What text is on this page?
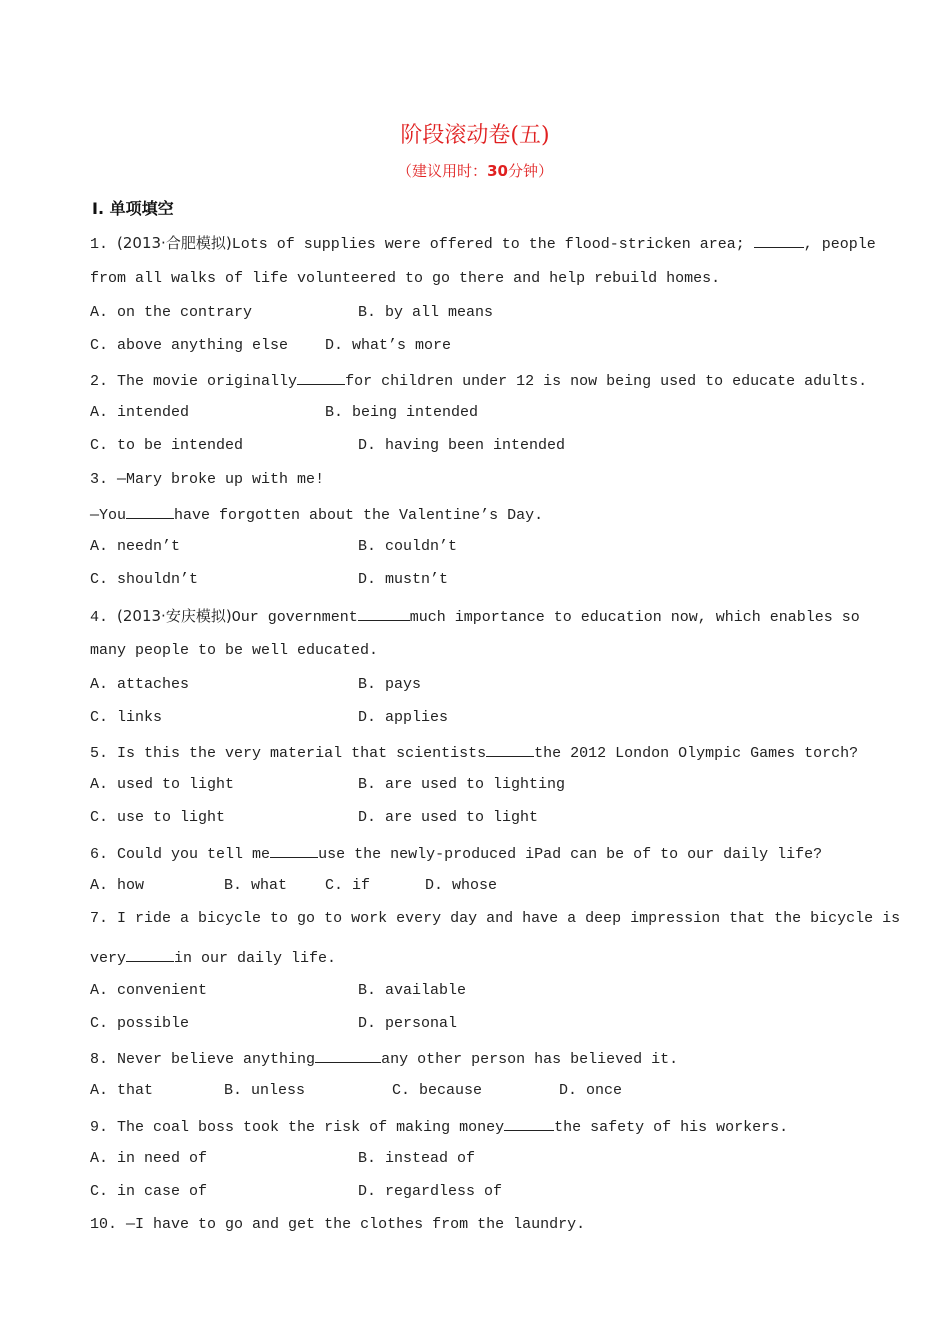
阶段滚动卷(五)
（建议用时：30分钟）
Ⅰ. 单项填空
1. (2013·合肥模拟)Lots of supplies were offered to the flood-stricken area;	, people
from all walks of life volunteered to go there and help rebuild homes.
A. on the contrary	B. by all means
C. above anything else D. what’s more
2. The movie originally	for children under 12 is now being used to educate adults.
A. intended	B. being intended
C. to be intended	D. having been intended
3. —Mary broke up with me!
—You	have forgotten about the Valentine’s Day.
A. needn’t	B. couldn’t
C. shouldn’t	D. mustn’t
4. (2013·安庆模拟)Our government	much importance to education now, which enables so
many people to be well educated.
A. attaches	B. pays
C. links	D. applies
5. Is this the very material that scientists	the 2012 London Olympic Games torch?
A. used to light	B. are used to lighting
C. use to light	D. are used to light
6. Could you tell me	use the newly-produced iPad can be of to our daily life?
A. how	B. what	C. if	D. whose
7. I ride a bicycle to go to work every day and have a deep impression that the bicycle is
very	in our daily life.
A. convenient	B. available
C. possible	D. personal
8. Never believe anything	any other person has believed it.
A. that	B. unless	C. because	D. once
9. The coal boss took the risk of making money	the safety of his workers.
A. in need of	B. instead of
C. in case of	D. regardless of
10. —I have to go and get the clothes from the laundry.
